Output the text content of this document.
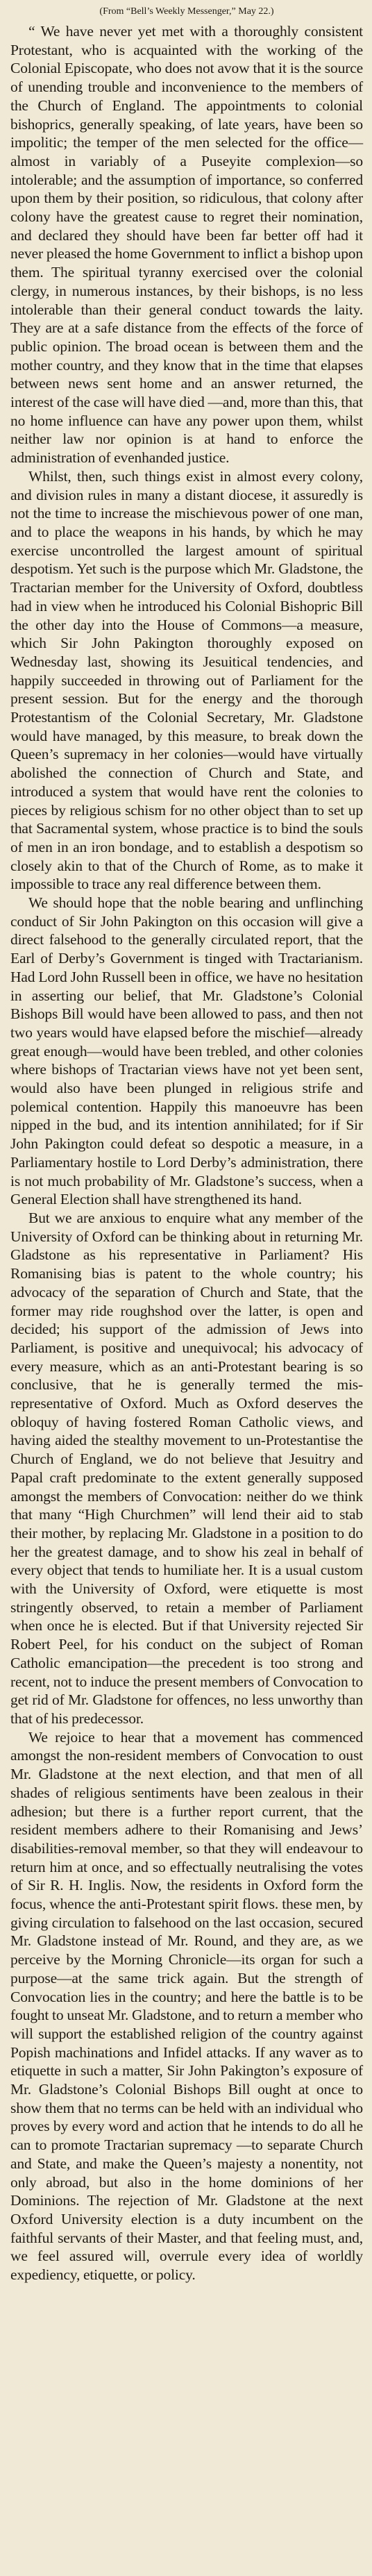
(From “Bell’s Weekly Messenger,” May 22.)

“ We have never yet met with a thoroughly consistent Protestant, who is acquainted with the working of the Colonial Episcopate, who does not avow that it is the source of unending trouble and inconvenience to the members of the Church of England. The appointments to colonial bishoprics, generally speaking, of late years, have been so impolitic; the temper of the men selected for the office—almost in variably of a Puseyite complexion—so intolerable; and the assumption of importance, so conferred upon them by their position, so ridiculous, that colony after colony have the greatest cause to regret their nomination, and declared they should have been far better off had it never pleased the home Government to inflict a bishop upon them. The spiritual tyranny exercised over the colonial clergy, in numerous instances, by their bishops, is no less intolerable than their general conduct towards the laity. They are at a safe distance from the effects of the force of public opinion. The broad ocean is between them and the mother country, and they know that in the time that elapses between news sent home and an answer returned, the interest of the case will have died —and, more than this, that no home influence can have any power upon them, whilst neither law nor opinion is at hand to enforce the administration of evenhanded justice.

Whilst, then, such things exist in almost every colony, and division rules in many a distant diocese, it assuredly is not the time to increase the mischievous power of one man, and to place the weapons in his hands, by which he may exercise uncontrolled the largest amount of spiritual despotism. Yet such is the purpose which Mr. Gladstone, the Tractarian member for the University of Oxford, doubtless had in view when he introduced his Colonial Bishopric Bill the other day into the House of Commons—a measure, which Sir John Pakington thoroughly exposed on Wednesday last, showing its Jesuitical tendencies, and happily succeeded in throwing out of Parliament for the present session. But for the energy and the thorough Protestantism of the Colonial Secretary, Mr. Gladstone would have managed, by this measure, to break down the Queen’s supremacy in her colonies—would have virtually abolished the connection of Church and State, and introduced a system that would have rent the colonies to pieces by religious schism for no other object than to set up that Sacramental system, whose practice is to bind the souls of men in an iron bondage, and to establish a despotism so closely akin to that of the Church of Rome, as to make it impossible to trace any real difference between them.

We should hope that the noble bearing and unflinching conduct of Sir John Pakington on this occasion will give a direct falsehood to the generally circulated report, that the Earl of Derby’s Government is tinged with Tractarianism. Had Lord John Russell been in office, we have no hesitation in asserting our belief, that Mr. Gladstone’s Colonial Bishops Bill would have been allowed to pass, and then not two years would have elapsed before the mischief—already great enough—would have been trebled, and other colonies where bishops of Tractarian views have not yet been sent, would also have been plunged in religious strife and polemical contention. Happily this manoeuvre has been nipped in the bud, and its intention annihilated; for if Sir John Pakington could defeat so despotic a measure, in a Parliamentary hostile to Lord Derby’s administration, there is not much probability of Mr. Gladstone’s success, when a General Election shall have strengthened its hand.

But we are anxious to enquire what any member of the University of Oxford can be thinking about in returning Mr. Gladstone as his representative in Parliament? His Romanising bias is patent to the whole country; his advocacy of the separation of Church and State, that the former may ride roughshod over the latter, is open and decided; his support of the admission of Jews into Parliament, is positive and unequivocal; his advocacy of every measure, which as an anti-Protestant bearing is so conclusive, that he is generally termed the mis-representative of Oxford. Much as Oxford deserves the obloquy of having fostered Roman Catholic views, and having aided the stealthy movement to un-Protestantise the Church of England, we do not believe that Jesuitry and Papal craft predominate to the extent generally supposed amongst the members of Convocation: neither do we think that many “High Churchmen” will lend their aid to stab their mother, by replacing Mr. Gladstone in a position to do her the greatest damage, and to show his zeal in behalf of every object that tends to humiliate her. It is a usual custom with the University of Oxford, were etiquette is most stringently observed, to retain a member of Parliament when once he is elected. But if that University rejected Sir Robert Peel, for his conduct on the subject of Roman Catholic emancipation—the precedent is too strong and recent, not to induce the present members of Convocation to get rid of Mr. Gladstone for offences, no less unworthy than that of his predecessor.

We rejoice to hear that a movement has commenced amongst the non-resident members of Convocation to oust Mr. Gladstone at the next election, and that men of all shades of religious sentiments have been zealous in their adhesion; but there is a further report current, that the resident members adhere to their Romanising and Jews’ disabilities-removal member, so that they will endeavour to return him at once, and so effectually neutralising the votes of Sir R. H. Inglis. Now, the residents in Oxford form the focus, whence the anti-Protestant spirit flows. these men, by giving circulation to falsehood on the last occasion, secured Mr. Gladstone instead of Mr. Round, and they are, as we perceive by the Morning Chronicle—its organ for such a purpose—at the same trick again. But the strength of Convocation lies in the country; and here the battle is to be fought to unseat Mr. Gladstone, and to return a member who will support the established religion of the country against Popish machinations and Infidel attacks. If any waver as to etiquette in such a matter, Sir John Pakington’s exposure of Mr. Gladstone’s Colonial Bishops Bill ought at once to show them that no terms can be held with an individual who proves by every word and action that he intends to do all he can to promote Tractarian supremacy —to separate Church and State, and make the Queen’s majesty a nonentity, not only abroad, but also in the home dominions of her Dominions. The rejection of Mr. Gladstone at the next Oxford University election is a duty incumbent on the faithful servants of their Master, and that feeling must, and, we feel assured will, overrule every idea of worldly expediency, etiquette, or policy.
